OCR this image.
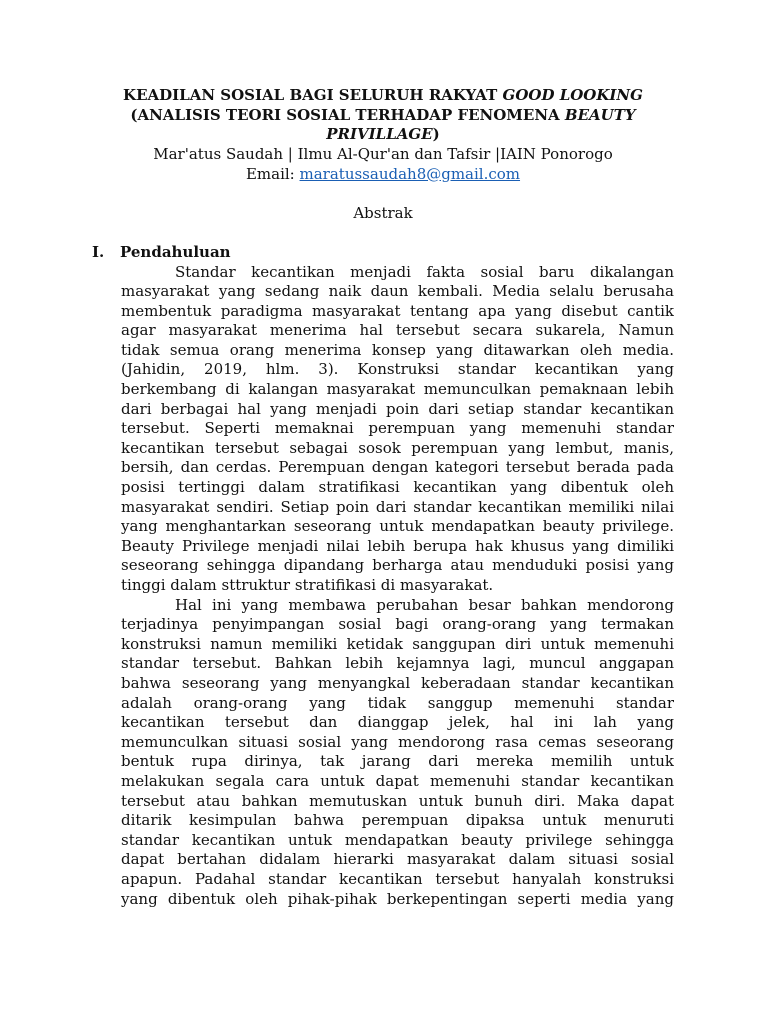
KEADILAN SOSIAL BAGI SELURUH RAKYAT GOOD LOOKING
(ANALISIS TEORI SOSIAL TERHADAP FENOMENA BEAUTY
PRIVILLAGE)
Mar'atus Saudah | Ilmu Al-Qur'an dan Tafsir |IAIN Ponorogo
Email: maratussaudah8@gmail.com
Abstrak
I. Pendahuluan
Standar kecantikan menjadi fakta sosial baru dikalangan
masyarakat yang sedang naik daun kembali. Media selalu berusaha
membentuk paradigma masyarakat tentang apa yang disebut cantik
agar masyarakat menerima hal tersebut secara sukarela, Namun
tidak semua orang menerima konsep yang ditawarkan oleh media.
(Jahidin, 2019, hlm. 3). Konstruksi standar kecantikan yang
berkembang di kalangan masyarakat memunculkan pemaknaan lebih
dari berbagai hal yang menjadi poin dari setiap standar kecantikan
tersebut. Seperti memaknai perempuan yang memenuhi standar
kecantikan tersebut sebagai sosok perempuan yang lembut, manis,
bersih, dan cerdas. Perempuan dengan kategori tersebut berada pada
posisi tertinggi dalam stratifikasi kecantikan yang dibentuk oleh
masyarakat sendiri. Setiap poin dari standar kecantikan memiliki nilai
yang menghantarkan seseorang untuk mendapatkan beauty privilege.
Beauty Privilege menjadi nilai lebih berupa hak khusus yang dimiliki
seseorang sehingga dipandang berharga atau menduduki posisi yang
tinggi dalam sttruktur stratifikasi di masyarakat.
Hal ini yang membawa perubahan besar bahkan mendorong
terjadinya penyimpangan sosial bagi orang-orang yang termakan
konstruksi namun memiliki ketidak sanggupan diri untuk memenuhi
standar tersebut. Bahkan lebih kejamnya lagi, muncul anggapan
bahwa seseorang yang menyangkal keberadaan standar kecantikan
adalah orang-orang yang tidak sanggup memenuhi standar
kecantikan tersebut dan dianggap jelek, hal ini lah yang
memunculkan situasi sosial yang mendorong rasa cemas seseorang
bentuk rupa dirinya, tak jarang dari mereka memilih untuk
melakukan segala cara untuk dapat memenuhi standar kecantikan
tersebut atau bahkan memutuskan untuk bunuh diri. Maka dapat
ditarik kesimpulan bahwa perempuan dipaksa untuk menuruti
standar kecantikan untuk mendapatkan beauty privilege sehingga
dapat bertahan didalam hierarki masyarakat dalam situasi sosial
apapun. Padahal standar kecantikan tersebut hanyalah konstruksi
yang dibentuk oleh pihak-pihak berkepentingan seperti media yang
